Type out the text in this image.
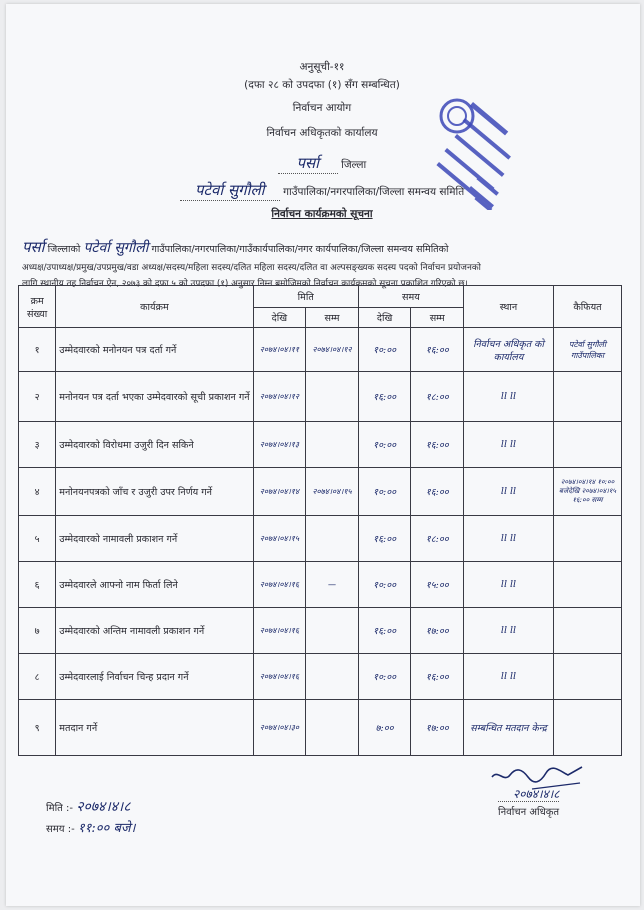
अनुसूची-११
(दफा २८ को उपदफा (१) सँग सम्बन्धित)
निर्वाचन आयोग
निर्वाचन अधिकृतको कार्यालय
पर्सा जिल्ला
पटेर्वा सुगौली गाउँपालिका/नगरपालिका/जिल्ला समन्वय समिति
निर्वाचन कार्यक्रमको सूचना
पर्सा जिल्लाको पटेर्वा सुगौली गाउँपालिका/नगरपालिका/गाउँकार्यपालिका/नगर कार्यपालिका/जिल्ला समन्वय समितिको
अध्यक्ष/उपाध्यक्ष/प्रमुख/उपप्रमुख/वडा अध्यक्ष/सदस्य/महिला सदस्य/दलित महिला सदस्य/दलित वा अल्पसङ्ख्यक सदस्य पदको निर्वाचन प्रयोजनको
लागि स्थानीय तह निर्वाचन ऐन, २०७३ को दफा ५ को उपदफा (१) अनुसार निम्न बमोजिमको निर्वाचन कार्यक्रमको सूचना प्रकाशित गरिएको छ।
क्रम संख्या	कार्यक्रम	मिति		समय		स्थान	कैफियत
		देखि	सम्म	देखि	सम्म		
१	उम्मेदवारको मनोनयन पत्र दर्ता गर्ने	२०७४।०४।११	२०७४।०४।१२	१०:००	१६:००	निर्वाचन अधिकृत को कार्यालय	पटेर्वा सुगौली गाउँपालिका
२	मनोनयन पत्र दर्ता भएका उम्मेदवारको सूची प्रकाशन गर्ने	२०७४।०४।१२		१६:००	१८:००	ll ll	
३	उम्मेदवारको विरोधमा उजुरी दिन सकिने	२०७४।०४।१३		१०:००	१६:००	ll ll	
४	मनोनयनपत्रको जाँच र उजुरी उपर निर्णय गर्ने	२०७४।०४।१४	२०७४।०४।१५	१०:००	१६:००	ll ll	२०७४।०४।१४ १०:०० बजेदेखि २०७४।०४।१५ १६:०० सम्म
५	उम्मेदवारको नामावली प्रकाशन गर्ने	२०७४।०४।१५		१६:००	१८:००	ll ll	
६	उम्मेदवारले आफ्नो नाम फिर्ता लिने	२०७४।०४।१६	—	१०:००	१५:००	ll ll	
७	उम्मेदवारको अन्तिम नामावली प्रकाशन गर्ने	२०७४।०४।१६		१६:००	१७:००	ll ll	
८	उम्मेदवारलाई निर्वाचन चिन्ह प्रदान गर्ने	२०७४।०४।१६		१०:००	१६:००	ll ll	
९	मतदान गर्ने	२०७४।०४।३०		७:००	१७:००	सम्बन्धित मतदान केन्द्र	
मिति :- २०७४।४।८
समय :- ११:०० बजे।
२०७४।४।८
निर्वाचन अधिकृत
